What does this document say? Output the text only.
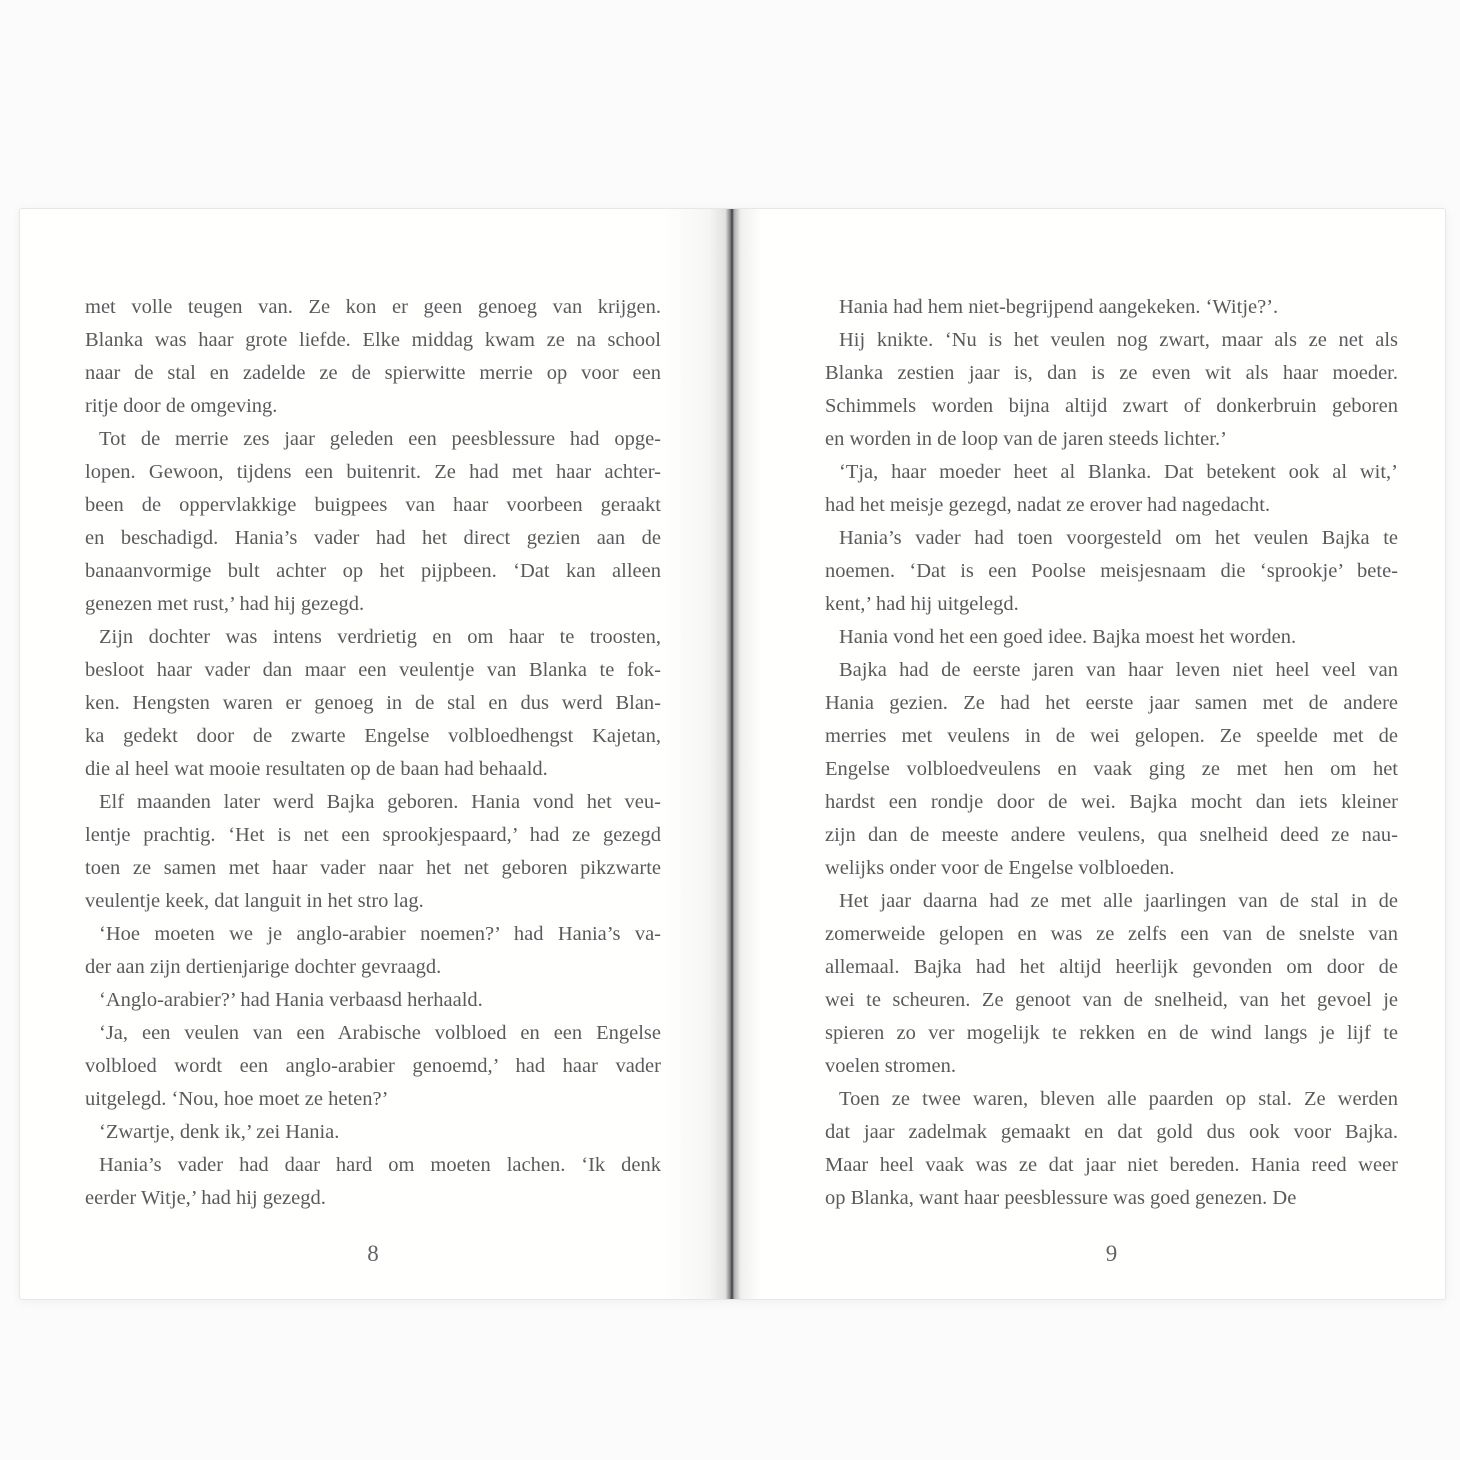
met volle teugen van. Ze kon er geen genoeg van krijgen.
Blanka was haar grote liefde. Elke middag kwam ze na school
naar de stal en zadelde ze de spierwitte merrie op voor een
ritje door de omgeving.
Tot de merrie zes jaar geleden een peesblessure had opge-
lopen. Gewoon, tijdens een buitenrit. Ze had met haar achter-
been de oppervlakkige buigpees van haar voorbeen geraakt
en beschadigd. Hania’s vader had het direct gezien aan de
banaanvormige bult achter op het pijpbeen. ‘Dat kan alleen
genezen met rust,’ had hij gezegd.
Zijn dochter was intens verdrietig en om haar te troosten,
besloot haar vader dan maar een veulentje van Blanka te fok-
ken. Hengsten waren er genoeg in de stal en dus werd Blan-
ka gedekt door de zwarte Engelse volbloedhengst Kajetan,
die al heel wat mooie resultaten op de baan had behaald.
Elf maanden later werd Bajka geboren. Hania vond het veu-
lentje prachtig. ‘Het is net een sprookjespaard,’ had ze gezegd
toen ze samen met haar vader naar het net geboren pikzwarte
veulentje keek, dat languit in het stro lag.
‘Hoe moeten we je anglo-arabier noemen?’ had Hania’s va-
der aan zijn dertienjarige dochter gevraagd.
‘Anglo-arabier?’ had Hania verbaasd herhaald.
‘Ja, een veulen van een Arabische volbloed en een Engelse
volbloed wordt een anglo-arabier genoemd,’ had haar vader
uitgelegd. ‘Nou, hoe moet ze heten?’
‘Zwartje, denk ik,’ zei Hania.
Hania’s vader had daar hard om moeten lachen. ‘Ik denk
eerder Witje,’ had hij gezegd.
Hania had hem niet-begrijpend aangekeken. ‘Witje?’.
Hij knikte. ‘Nu is het veulen nog zwart, maar als ze net als
Blanka zestien jaar is, dan is ze even wit als haar moeder.
Schimmels worden bijna altijd zwart of donkerbruin geboren
en worden in de loop van de jaren steeds lichter.’
‘Tja, haar moeder heet al Blanka. Dat betekent ook al wit,’
had het meisje gezegd, nadat ze erover had nagedacht.
Hania’s vader had toen voorgesteld om het veulen Bajka te
noemen. ‘Dat is een Poolse meisjesnaam die ‘sprookje’ bete-
kent,’ had hij uitgelegd.
Hania vond het een goed idee. Bajka moest het worden.
Bajka had de eerste jaren van haar leven niet heel veel van
Hania gezien. Ze had het eerste jaar samen met de andere
merries met veulens in de wei gelopen. Ze speelde met de
Engelse volbloedveulens en vaak ging ze met hen om het
hardst een rondje door de wei. Bajka mocht dan iets kleiner
zijn dan de meeste andere veulens, qua snelheid deed ze nau-
welijks onder voor de Engelse volbloeden.
Het jaar daarna had ze met alle jaarlingen van de stal in de
zomerweide gelopen en was ze zelfs een van de snelste van
allemaal. Bajka had het altijd heerlijk gevonden om door de
wei te scheuren. Ze genoot van de snelheid, van het gevoel je
spieren zo ver mogelijk te rekken en de wind langs je lijf te
voelen stromen.
Toen ze twee waren, bleven alle paarden op stal. Ze werden
dat jaar zadelmak gemaakt en dat gold dus ook voor Bajka.
Maar heel vaak was ze dat jaar niet bereden. Hania reed weer
op Blanka, want haar peesblessure was goed genezen. De
8	9
